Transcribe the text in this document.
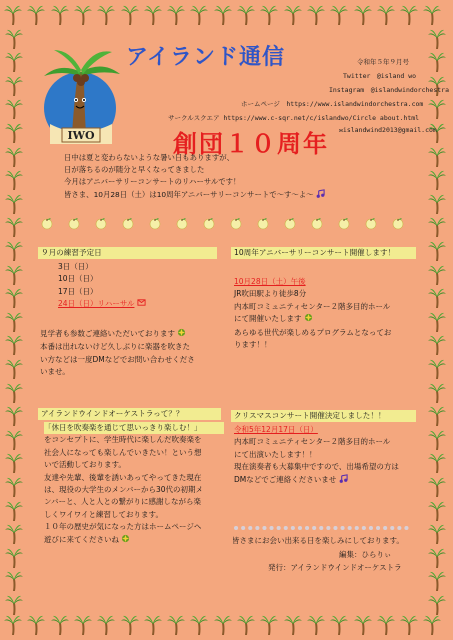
IWO
アイランド通信	令和年５年９月号
Twitter　@island wo
Instagram　@islandwindorchestra
ホームページ　https://www.islandwindorchestra.com
サークルスクエア https://www.c-sqr.net/c/islandwo/Circle about.html
✉islandwind2013@gmail.com
創団１０周年
日中は夏と変わらないような暑い日もありますが、
日が落ちるのが随分と早くなってきました
今月はアニバーサリーコンサートのリハーサルです！
皆さま、10月28日（土）は10周年アニバーサリーコンサートで～す～よ～
９月の練習予定日
3日（日）
10日（日）
17日（日）
24日（日）リハーサル
見学者も参数ご連絡いただいております
本番は出れないけど久しぶりに楽器を吹きた
い方などは一度DMなどでお問い合わせくださ
いませ。
10周年アニバーサリーコンサート開催します！
10月28日（土）午後
JR吹田駅より徒歩8分
内本町コミュニティセンター２階多目的ホール
にて開催いたします
あらゆる世代が楽しめるプログラムとなってお
ります！！
アイランドウインドオーケストラって？？
「休日を吹奏楽を通じて思いっきり楽しむ！」
をコンセプトに、学生時代に楽しんだ吹奏楽を
社会人になっても楽しんでいきたい！という想
いで活動しております。
友達や先輩、後輩を誘いあってやってきた現在
は、現役の大学生のメンバーから30代の初期メ
ンバーと、人と人との繋がりに感謝しながら楽
しくワイワイと練習しております。
１０年の歴史が気になった方はホームページへ
遊びに来てくださいね
クリスマスコンサート開催決定しました！！
令和5年12月17日（日）
内本町コミュニティセンター２階多目的ホール
にて出演いたします！！
現在演奏者も大募集中ですので、出場希望の方は
DMなどでご連絡くださいませ
皆さまにお会い出来る日を楽しみにしております。
編集：ひらりぃ
発行：アイランドウインドオーケストラ
